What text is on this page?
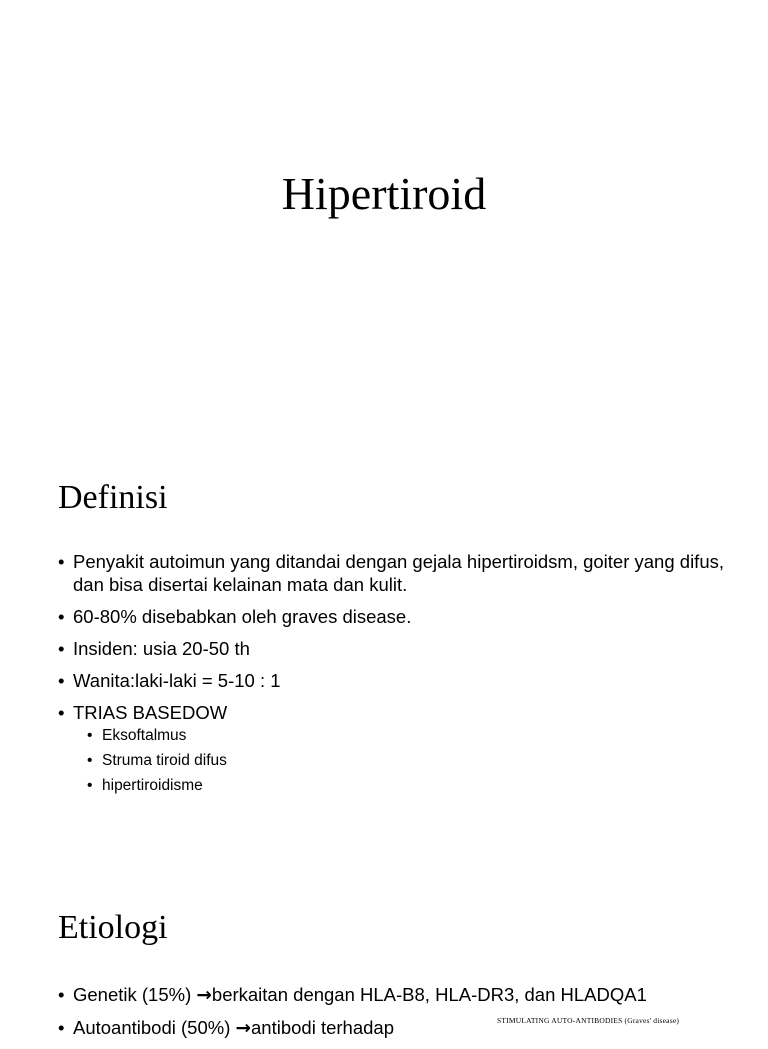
Hipertiroid
Definisi
• Penyakit autoimun yang ditandai dengan gejala hipertiroidsm, goiter yang difus, dan bisa disertai kelainan mata dan kulit.
• 60-80% disebabkan oleh graves disease.
• Insiden: usia 20-50 th
• Wanita:laki-laki = 5-10 : 1
• TRIAS BASEDOW
• Eksoftalmus
• Struma tiroid difus
• hipertiroidisme
Etiologi
• Genetik (15%) →berkaitan dengan HLA-B8, HLA-DR3, dan HLADQA1
• Autoantibodi (50%) →antibodi terhadap	STIMULATING AUTO-ANTIBODIES (Graves' disease)
